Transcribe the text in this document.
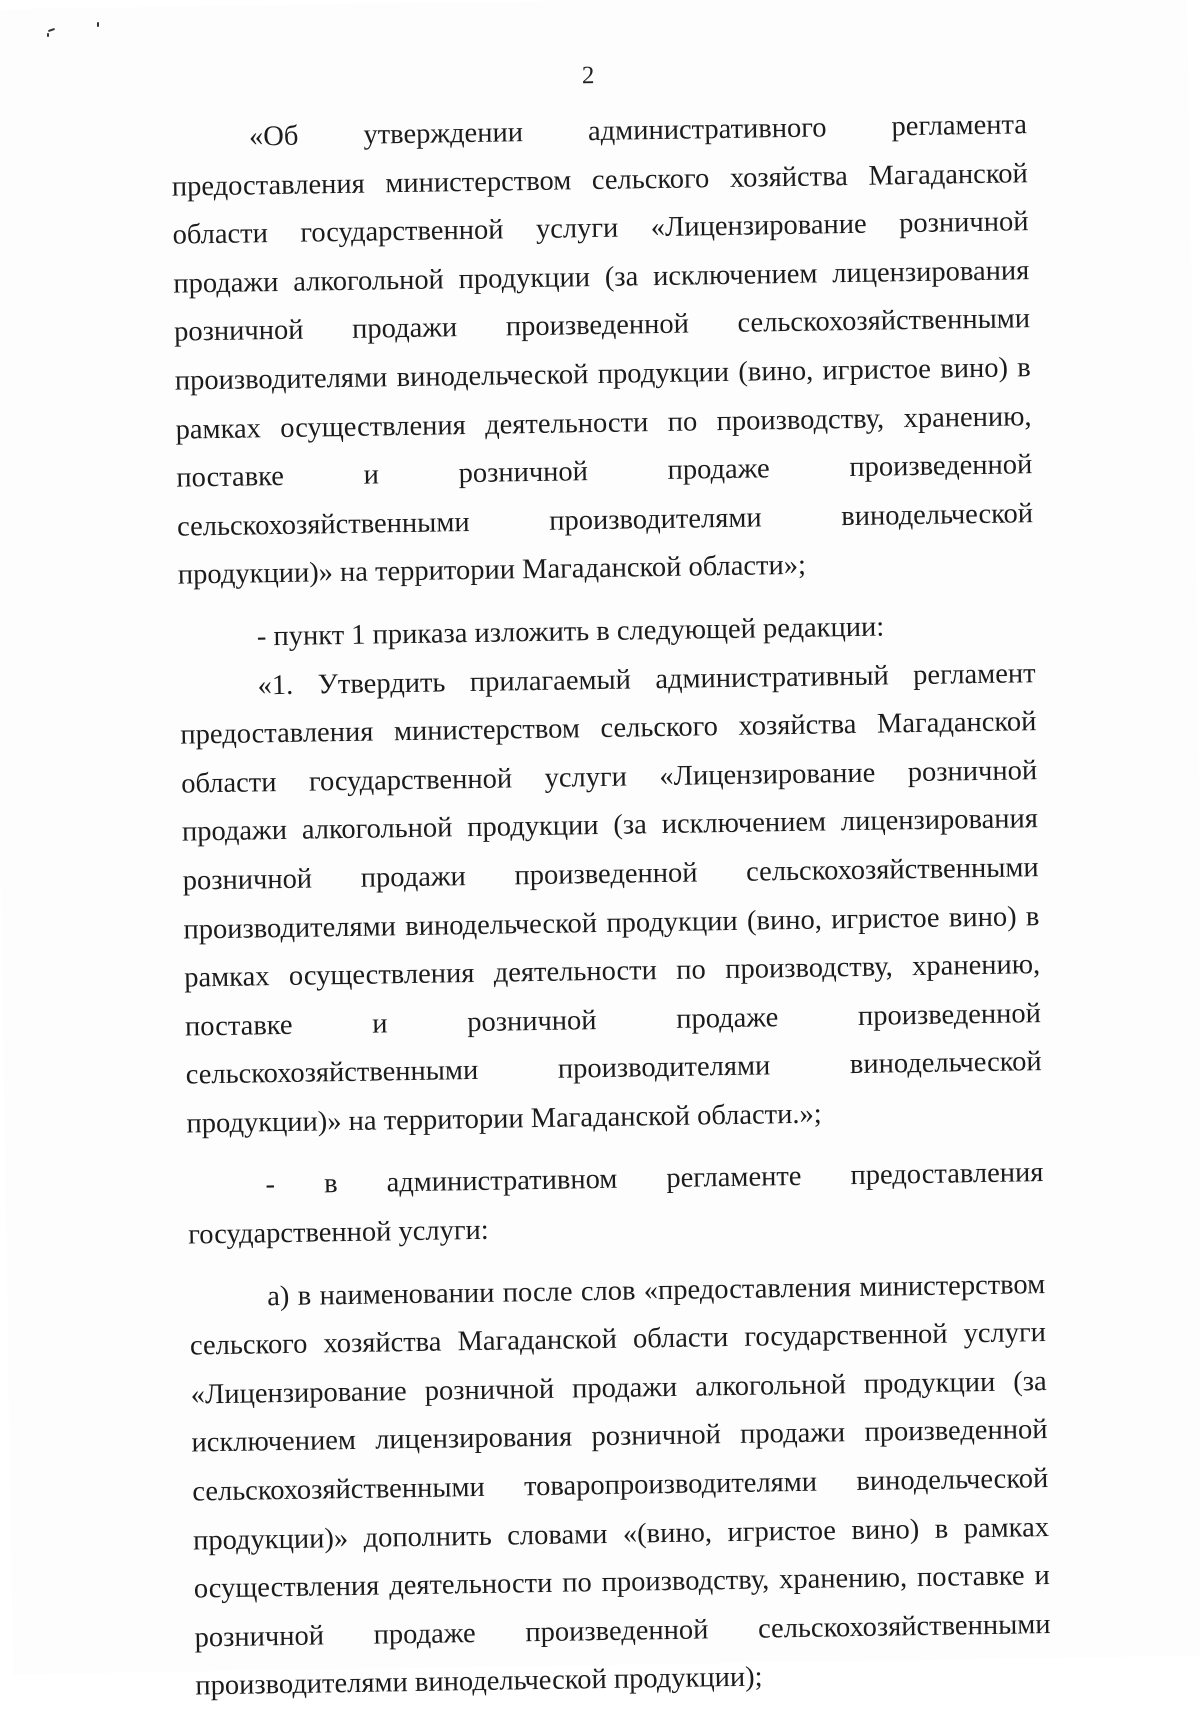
2

«Об утверждении административного регламента предоставления министерством сельского хозяйства Магаданской области государственной услуги «Лицензирование розничной продажи алкогольной продукции (за исключением лицензирования розничной продажи произведенной сельскохозяйственными производителями винодельческой продукции (вино, игристое вино) в рамках осуществления деятельности по производству, хранению, поставке и розничной продаже произведенной сельскохозяйственными производителями винодельческой продукции)» на территории Магаданской области»;

- пункт 1 приказа изложить в следующей редакции:

«1. Утвердить прилагаемый административный регламент предоставления министерством сельского хозяйства Магаданской области государственной услуги «Лицензирование розничной продажи алкогольной продукции (за исключением лицензирования розничной продажи произведенной сельскохозяйственными производителями винодельческой продукции (вино, игристое вино) в рамках осуществления деятельности по производству, хранению, поставке и розничной продаже произведенной сельскохозяйственными производителями винодельческой продукции)» на территории Магаданской области.»;

- в административном регламенте предоставления государственной услуги:

а) в наименовании после слов «предоставления министерством сельского хозяйства Магаданской области государственной услуги «Лицензирование розничной продажи алкогольной продукции (за исключением лицензирования розничной продажи произведенной сельскохозяйственными товаропроизводителями винодельческой продукции)» дополнить словами «(вино, игристое вино) в рамках осуществления деятельности по производству, хранению, поставке и розничной продаже произведенной сельскохозяйственными производителями винодельческой продукции);
